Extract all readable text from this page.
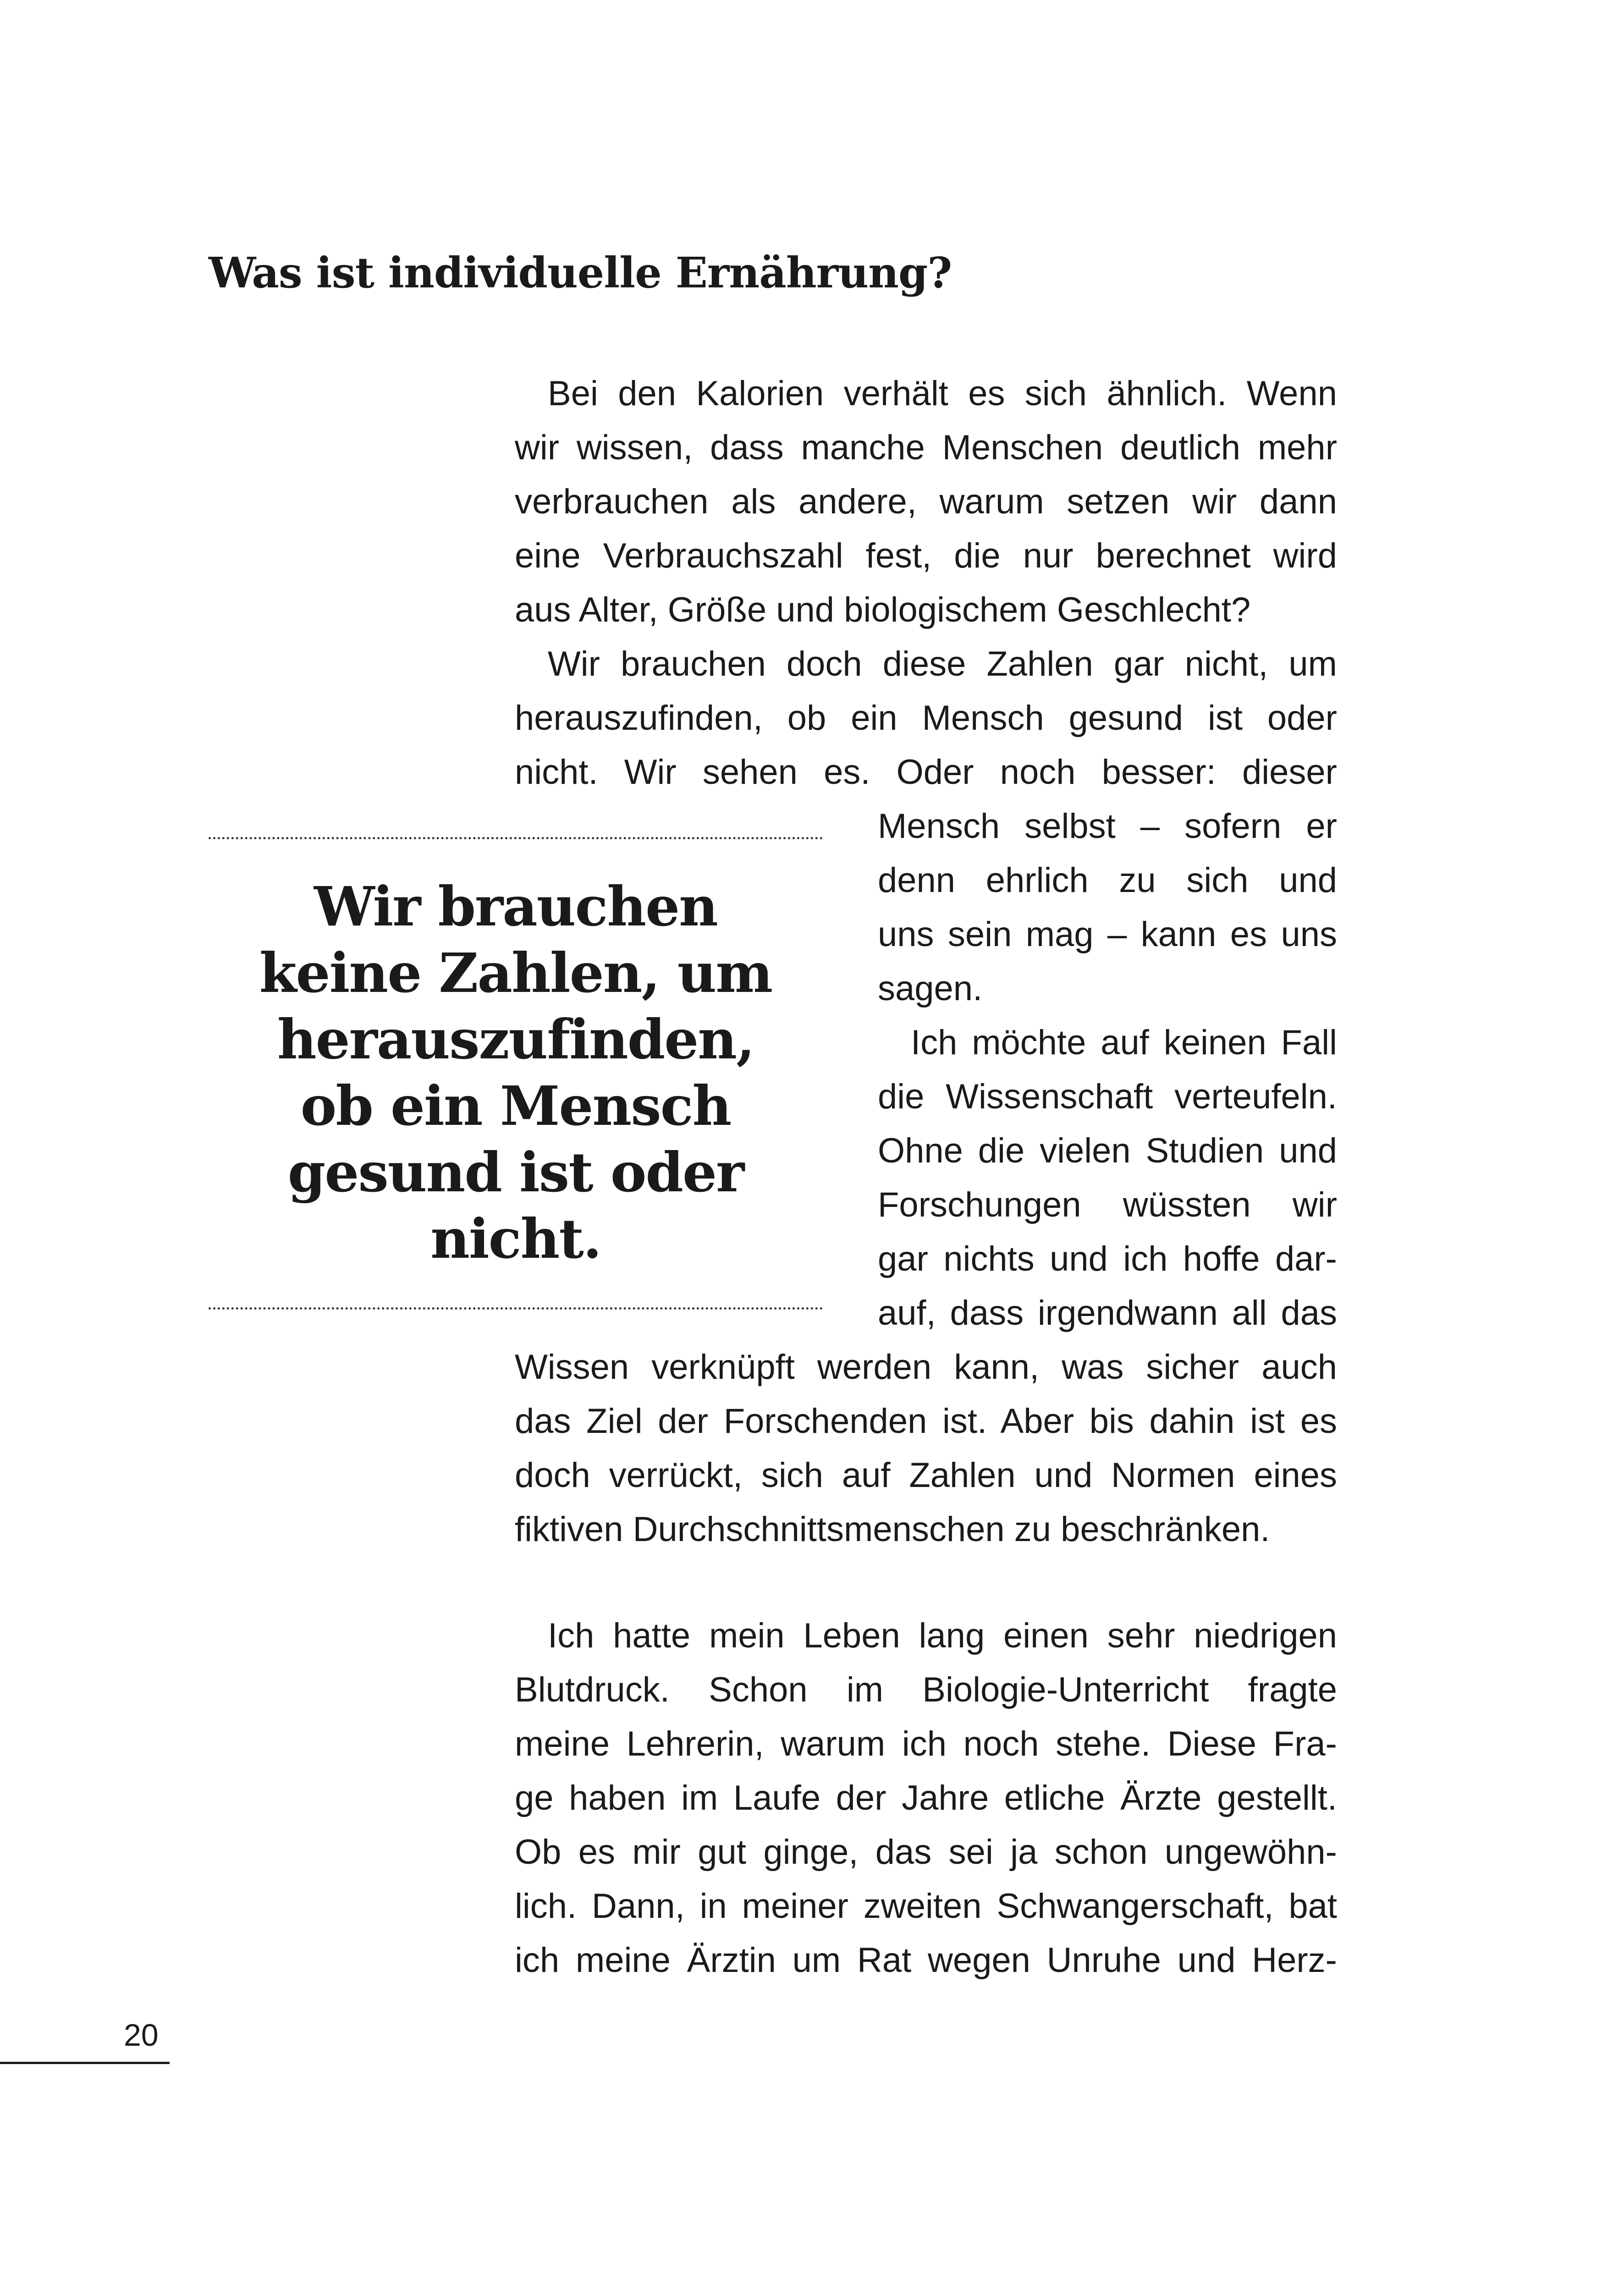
Was ist individuelle Ernährung?
Bei den Kalorien verhält es sich ähnlich. Wenn
wir wissen, dass manche Menschen deutlich mehr
verbrauchen als andere, warum setzen wir dann
eine Verbrauchszahl fest, die nur berechnet wird
aus Alter, Größe und biologischem Geschlecht?
Wir brauchen doch diese Zahlen gar nicht, um
herauszufinden, ob ein Mensch gesund ist oder
nicht. Wir sehen es. Oder noch besser: dieser
Mensch selbst – sofern er
denn ehrlich zu sich und
uns sein mag – kann es uns
sagen.
Ich möchte auf keinen Fall
die Wissenschaft verteufeln.
Ohne die vielen Studien und
Forschungen wüssten wir
gar nichts und ich hoffe dar-
auf, dass irgendwann all das
Wissen verknüpft werden kann, was sicher auch
das Ziel der Forschenden ist. Aber bis dahin ist es
doch verrückt, sich auf Zahlen und Normen eines
fiktiven Durchschnittsmenschen zu beschränken.
Ich hatte mein Leben lang einen sehr niedrigen
Blutdruck. Schon im Biologie-Unterricht fragte
meine Lehrerin, warum ich noch stehe. Diese Fra-
ge haben im Laufe der Jahre etliche Ärzte gestellt.
Ob es mir gut ginge, das sei ja schon ungewöhn-
lich. Dann, in meiner zweiten Schwangerschaft, bat
ich meine Ärztin um Rat wegen Unruhe und Herz-
Wir brauchen
keine Zahlen, um
herauszufinden,
ob ein Mensch
gesund ist oder
nicht.
20
